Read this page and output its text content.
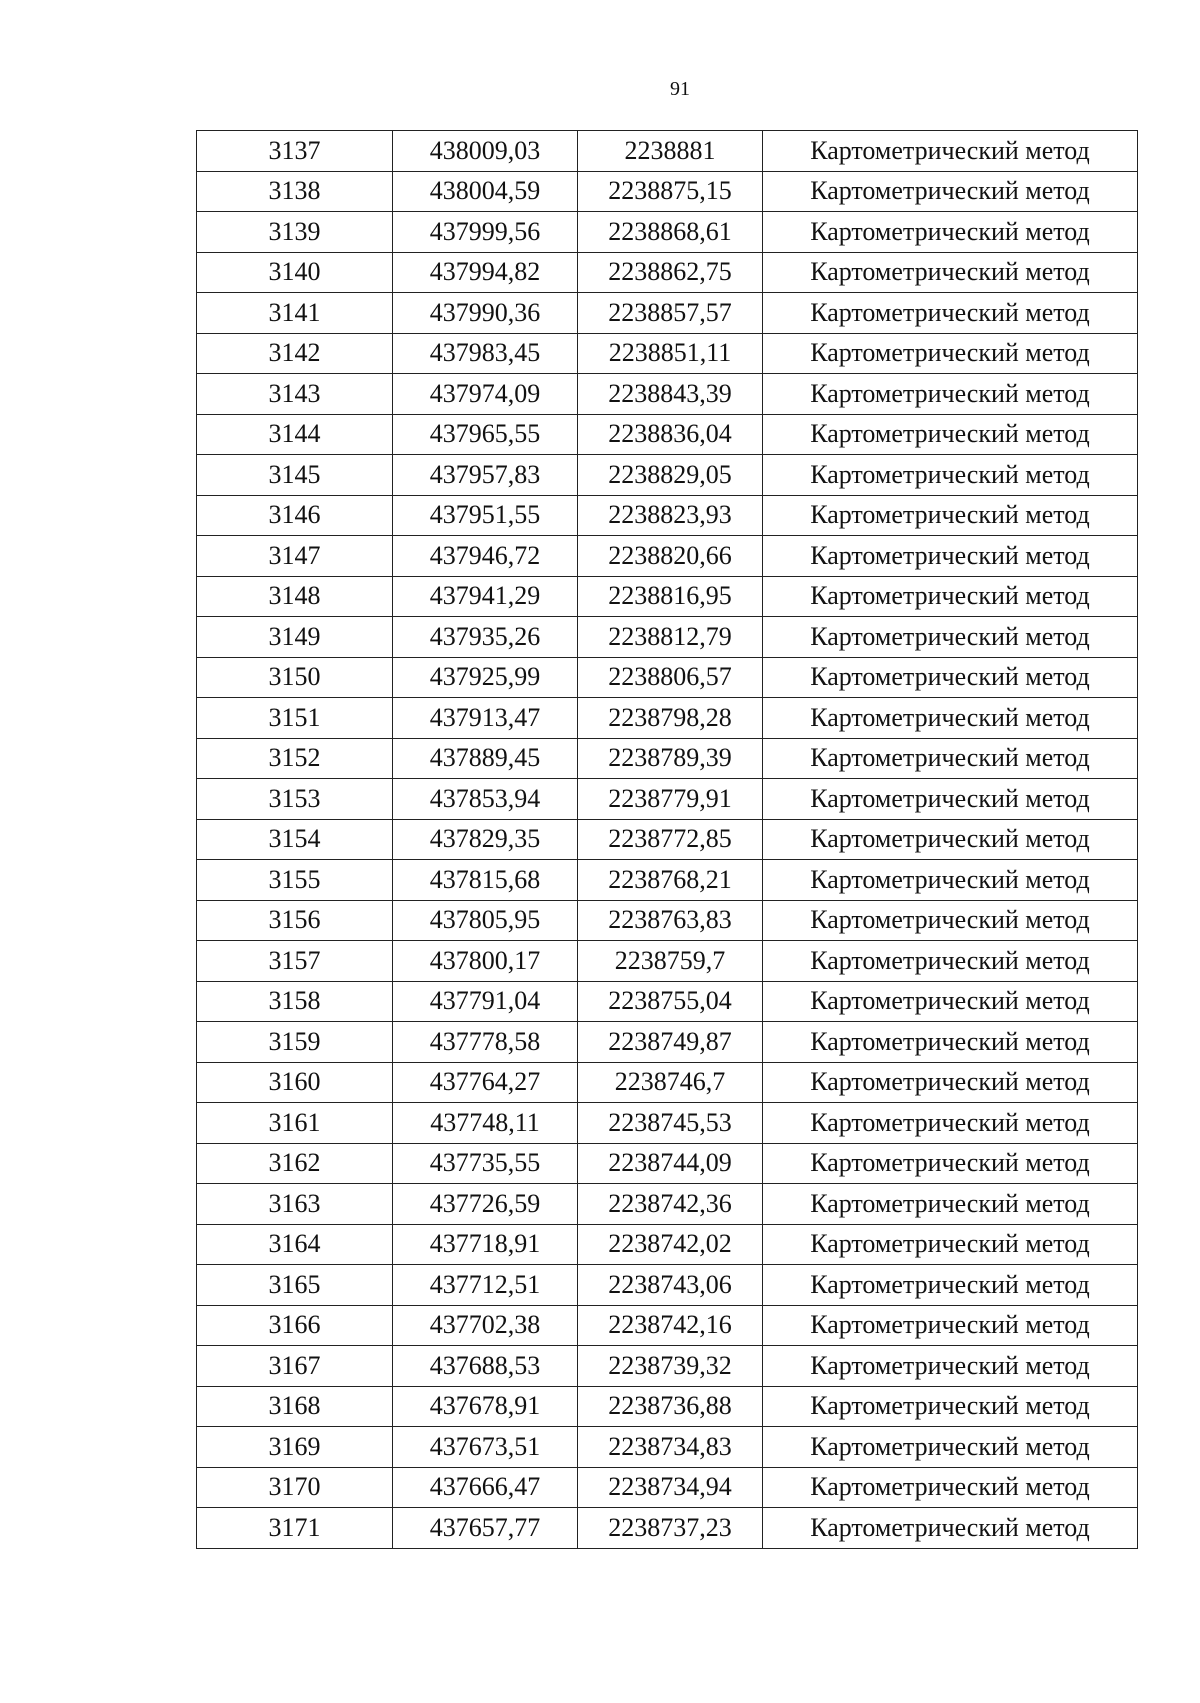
91
3137	438009,03	2238881	Картометрический метод
3138	438004,59	2238875,15	Картометрический метод
3139	437999,56	2238868,61	Картометрический метод
3140	437994,82	2238862,75	Картометрический метод
3141	437990,36	2238857,57	Картометрический метод
3142	437983,45	2238851,11	Картометрический метод
3143	437974,09	2238843,39	Картометрический метод
3144	437965,55	2238836,04	Картометрический метод
3145	437957,83	2238829,05	Картометрический метод
3146	437951,55	2238823,93	Картометрический метод
3147	437946,72	2238820,66	Картометрический метод
3148	437941,29	2238816,95	Картометрический метод
3149	437935,26	2238812,79	Картометрический метод
3150	437925,99	2238806,57	Картометрический метод
3151	437913,47	2238798,28	Картометрический метод
3152	437889,45	2238789,39	Картометрический метод
3153	437853,94	2238779,91	Картометрический метод
3154	437829,35	2238772,85	Картометрический метод
3155	437815,68	2238768,21	Картометрический метод
3156	437805,95	2238763,83	Картометрический метод
3157	437800,17	2238759,7	Картометрический метод
3158	437791,04	2238755,04	Картометрический метод
3159	437778,58	2238749,87	Картометрический метод
3160	437764,27	2238746,7	Картометрический метод
3161	437748,11	2238745,53	Картометрический метод
3162	437735,55	2238744,09	Картометрический метод
3163	437726,59	2238742,36	Картометрический метод
3164	437718,91	2238742,02	Картометрический метод
3165	437712,51	2238743,06	Картометрический метод
3166	437702,38	2238742,16	Картометрический метод
3167	437688,53	2238739,32	Картометрический метод
3168	437678,91	2238736,88	Картометрический метод
3169	437673,51	2238734,83	Картометрический метод
3170	437666,47	2238734,94	Картометрический метод
3171	437657,77	2238737,23	Картометрический метод
